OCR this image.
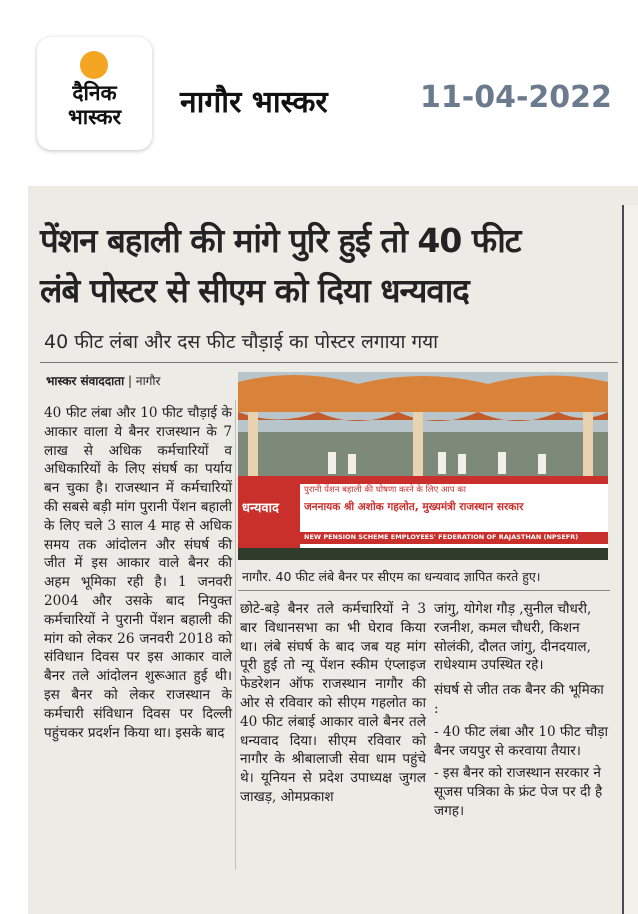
दैनिक
भास्कर	नागौर भास्कर	11-04-2022
पेंशन बहाली की मांगे पुरि हुई तो 40 फीट
लंबे पोस्टर से सीएम को दिया धन्यवाद
40 फीट लंबा और दस फीट चौड़ाई का पोस्टर लगाया गया
भास्कर संवाददाता | नागौर
40 फीट लंबा और 10 फीट चौड़ाई के आकार वाला ये बैनर राजस्थान के 7 लाख से अधिक कर्मचारियों व अधिकारियों के लिए संघर्ष का पर्याय बन चुका है। राजस्थान में कर्मचारियों की सबसे बड़ी मांग पुरानी पेंशन बहाली के लिए चले 3 साल 4 माह से अधिक समय तक आंदोलन और संघर्ष की जीत में इस आकार वाले बैनर की अहम भूमिका रही है। 1 जनवरी 2004 और उसके बाद नियुक्त कर्मचारियों ने पुरानी पेंशन बहाली की मांग को लेकर 26 जनवरी 2018 को संविधान दिवस पर इस आकार वाले बैनर तले आंदोलन शुरूआत हुई थी। इस बैनर को लेकर राजस्थान के कर्मचारी संविधान दिवस पर दिल्ली पहुंचकर प्रदर्शन किया था। इसके बाद
धन्यवाद
पुरानी पेंशन बहाली की घोषणा करने के लिए आप का
जननायक श्री अशोक गहलोत, मुख्यमंत्री राजस्थान सरकार
NEW PENSION SCHEME EMPLOYEES' FEDERATION OF RAJASTHAN (NPSEFR)
नागौर. 40 फीट लंबे बैनर पर सीएम का धन्यवाद ज्ञापित करते हुए।
छोटे-बड़े बैनर तले कर्मचारियों ने 3 बार विधानसभा का भी घेराव किया था। लंबे संघर्ष के बाद जब यह मांग पूरी हुई तो न्यू पेंशन स्कीम एंप्लाइज फेडरेशन ऑफ राजस्थान नागौर की ओर से रविवार को सीएम गहलोत का 40 फीट लंबाई आकार वाले बैनर तले धन्यवाद दिया। सीएम रविवार को नागौर के श्रीबालाजी सेवा धाम पहुंचे थे। यूनियन से प्रदेश उपाध्यक्ष जुगल जाखड़, ओमप्रकाश

जांगु, योगेश गौड़ ,सुनील चौधरी, रजनीश, कमल चौधरी, किशन सोलंकी, दौलत जांगु, दीनदयाल, राधेश्याम उपस्थित रहे।

संघर्ष से जीत तक बैनर की भूमिका :

- 40 फीट लंबा और 10 फीट चौड़ा बैनर जयपुर से करवाया तैयार।

- इस बैनर को राजस्थान सरकार ने सूजस पत्रिका के फ्रंट पेज पर दी है जगह।
